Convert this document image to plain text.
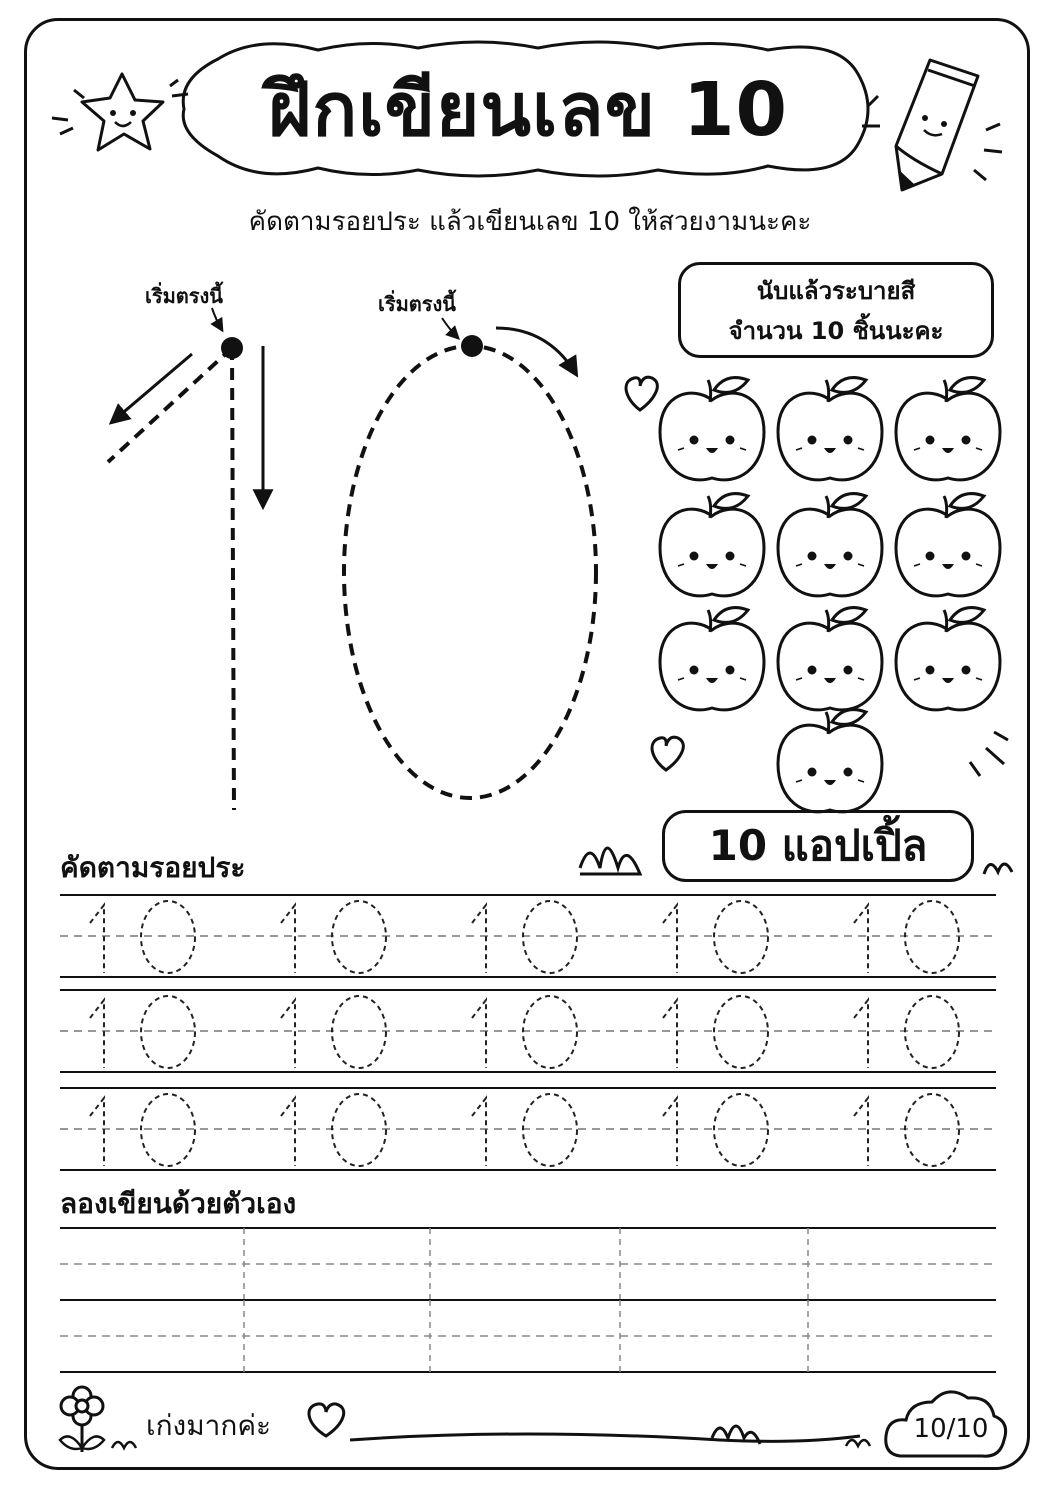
ฝึกเขียนเลข 10
คัดตามรอยประ แล้วเขียนเลข 10 ให้สวยงามนะคะ
เริ่มตรงนี้	เริ่มตรงนี้	นับแล้วระบายสี
จำนวน 10 ชิ้นนะคะ
10 แอปเปิ้ล
คัดตามรอยประ
ลองเขียนด้วยตัวเอง
เก่งมากค่ะ	10/10
